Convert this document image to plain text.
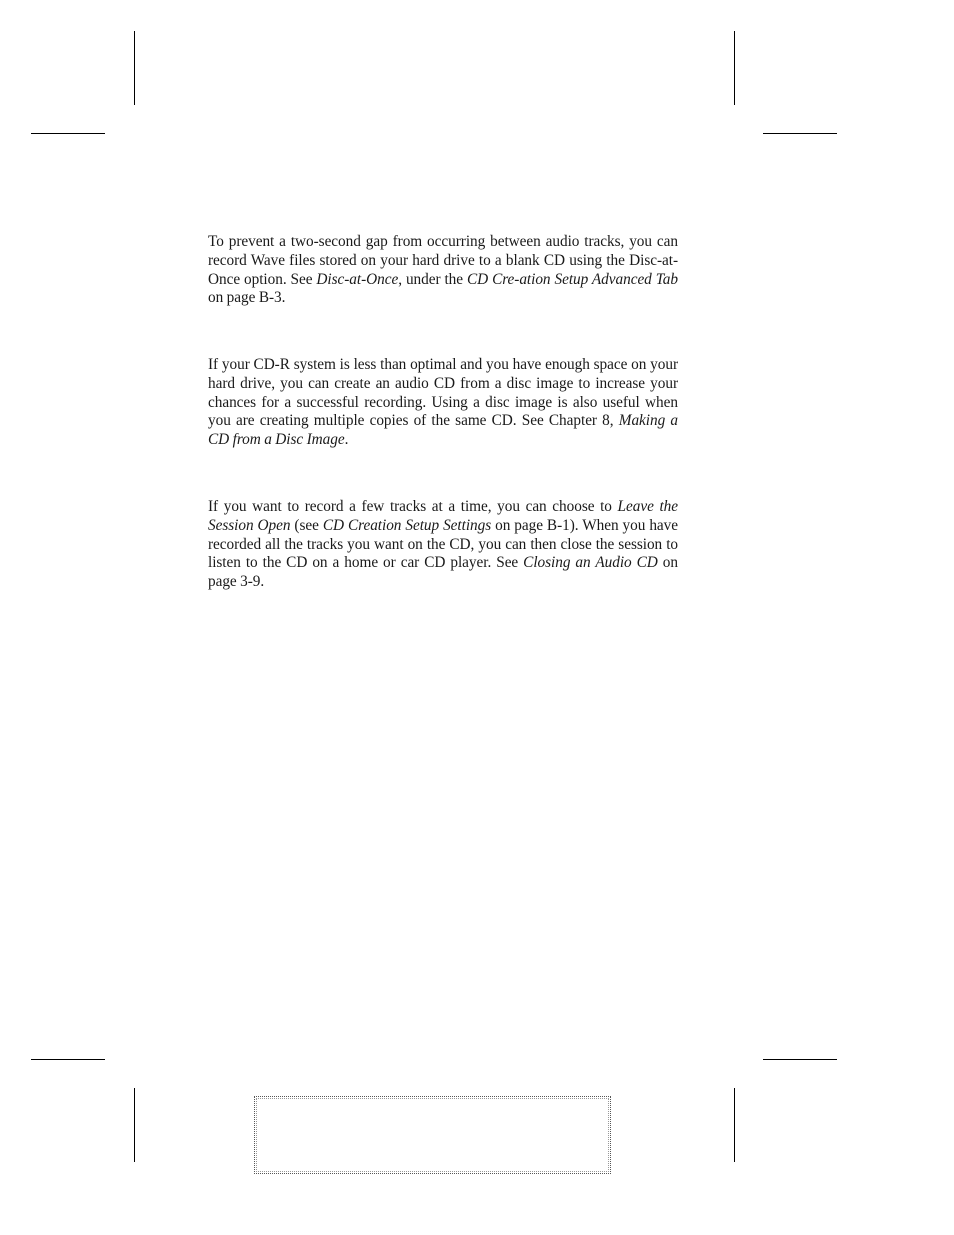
To prevent a two-second gap from occurring between audio tracks, you can record Wave files stored on your hard drive to a blank CD using the Disc-at-Once option. See Disc-at-Once, under the CD Cre-ation Setup Advanced Tab on page B-3.

If your CD-R system is less than optimal and you have enough space on your hard drive, you can create an audio CD from a disc image to increase your chances for a successful recording. Using a disc image is also useful when you are creating multiple copies of the same CD. See Chapter 8, Making a CD from a Disc Image.

If you want to record a few tracks at a time, you can choose to Leave the Session Open (see CD Creation Setup Settings on page B-1). When you have recorded all the tracks you want on the CD, you can then close the session to listen to the CD on a home or car CD player. See Closing an Audio CD on page 3-9.
